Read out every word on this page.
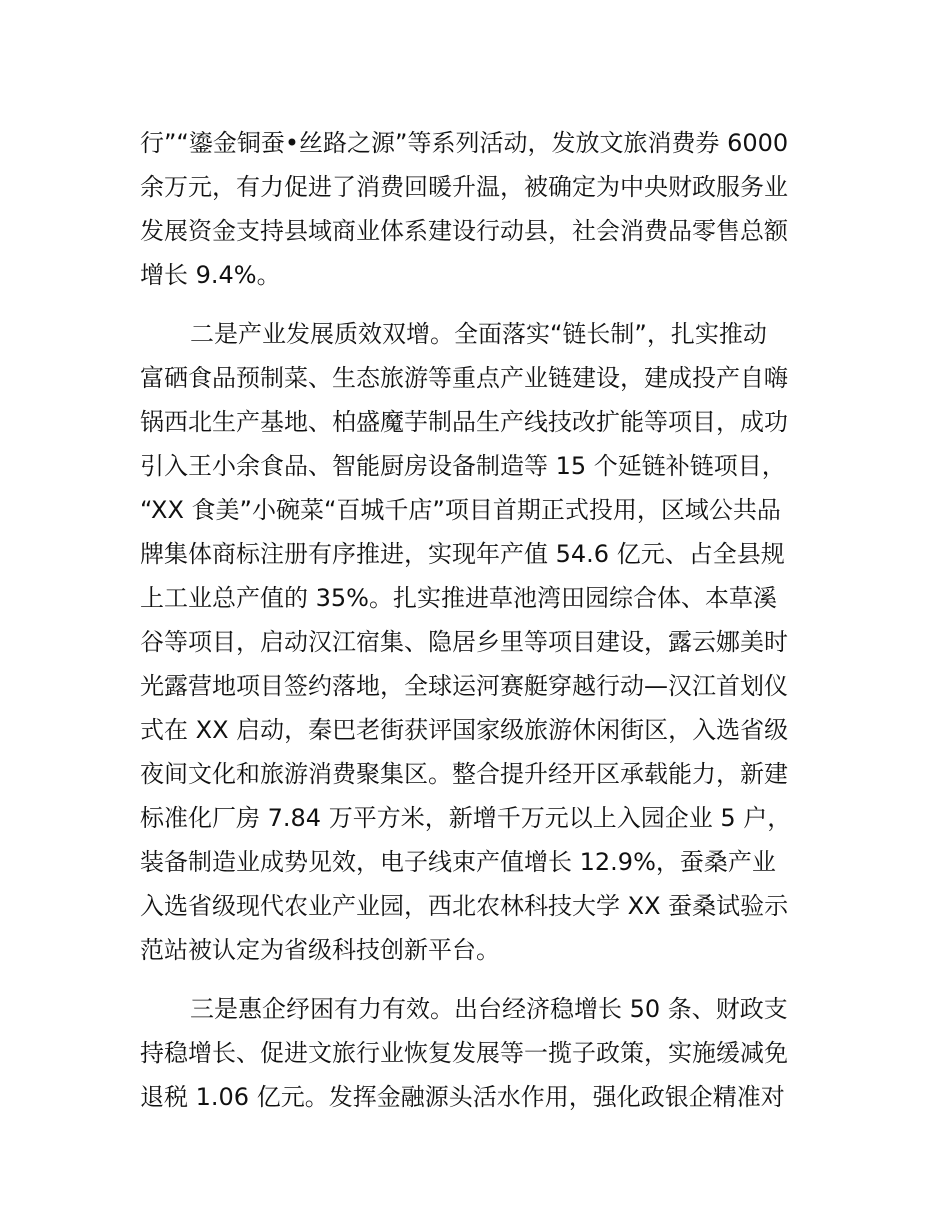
行”“鎏金铜蚕•丝路之源”等系列活动，发放文旅消费券 6000
余万元，有力促进了消费回暖升温，被确定为中央财政服务业
发展资金支持县域商业体系建设行动县，社会消费品零售总额
增长 9.4%。
二是产业发展质效双增。全面落实“链长制”，扎实推动
富硒食品预制菜、生态旅游等重点产业链建设，建成投产自嗨
锅西北生产基地、柏盛魔芋制品生产线技改扩能等项目，成功
引入王小余食品、智能厨房设备制造等 15 个延链补链项目，
“XX 食美”小碗菜“百城千店”项目首期正式投用，区域公共品
牌集体商标注册有序推进，实现年产值 54.6 亿元、占全县规
上工业总产值的 35%。扎实推进草池湾田园综合体、本草溪
谷等项目，启动汉江宿集、隐居乡里等项目建设，露云娜美时
光露营地项目签约落地，全球运河赛艇穿越行动—汉江首划仪
式在 XX 启动，秦巴老街获评国家级旅游休闲街区，入选省级
夜间文化和旅游消费聚集区。整合提升经开区承载能力，新建
标准化厂房 7.84 万平方米，新增千万元以上入园企业 5 户，
装备制造业成势见效，电子线束产值增长 12.9%，蚕桑产业
入选省级现代农业产业园，西北农林科技大学 XX 蚕桑试验示
范站被认定为省级科技创新平台。
三是惠企纾困有力有效。出台经济稳增长 50 条、财政支
持稳增长、促进文旅行业恢复发展等一揽子政策，实施缓减免
退税 1.06 亿元。发挥金融源头活水作用，强化政银企精准对
